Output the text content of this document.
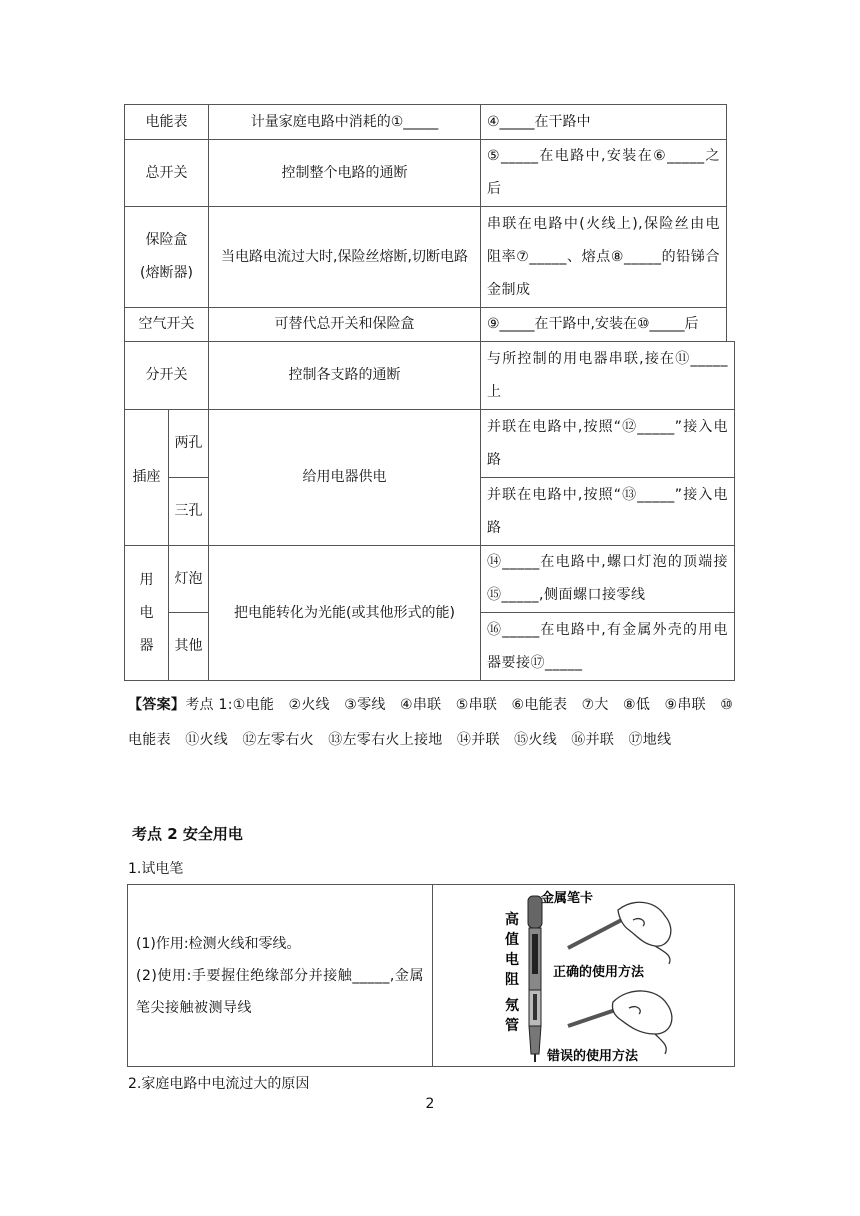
电能表	计量家庭电路中消耗的①_____	④_____在干路中
总开关	控制整个电路的通断	⑤_____在电路中,安装在⑥_____之后

保险盒
(熔断器)	当电路电流过大时,保险丝熔断,切断电路	串联在电路中(火线上),保险丝由电阻率⑦_____、熔点⑧_____的铅锑合金制成
空气开关	可替代总开关和保险盒	⑨_____在干路中,安装在⑩_____后
分开关		控制各支路的通断	与所控制的用电器串联,接在⑪_____上
插座	两孔	给用电器供电	并联在电路中,按照“⑫_____”接入电路
	三孔		并联在电路中,按照“⑬_____”接入电路

用
电
器	灯泡	把电能转化为光能(或其他形式的能)	⑭_____在电路中,螺口灯泡的顶端接⑮_____,侧面螺口接零线
	其他		⑯_____在电路中,有金属外壳的用电器要接⑰_____
【答案】考点 1:①电能　②火线　③零线　④串联　⑤串联　⑥电能表　⑦大　⑧低　⑨串联　⑩电能表　⑪火线　⑫左零右火　⑬左零右火上接地　⑭并联　⑮火线　⑯并联　⑰地线
考点 2 安全用电
1.试电笔
(1)作用:检测火线和零线。
(2)使用:手要握住绝缘部分并接触_____,金属笔尖接触被测导线

金属笔卡
高
值
电
阻
氖
管
正确的使用方法
错误的使用方法
2.家庭电路中电流过大的原因
2
